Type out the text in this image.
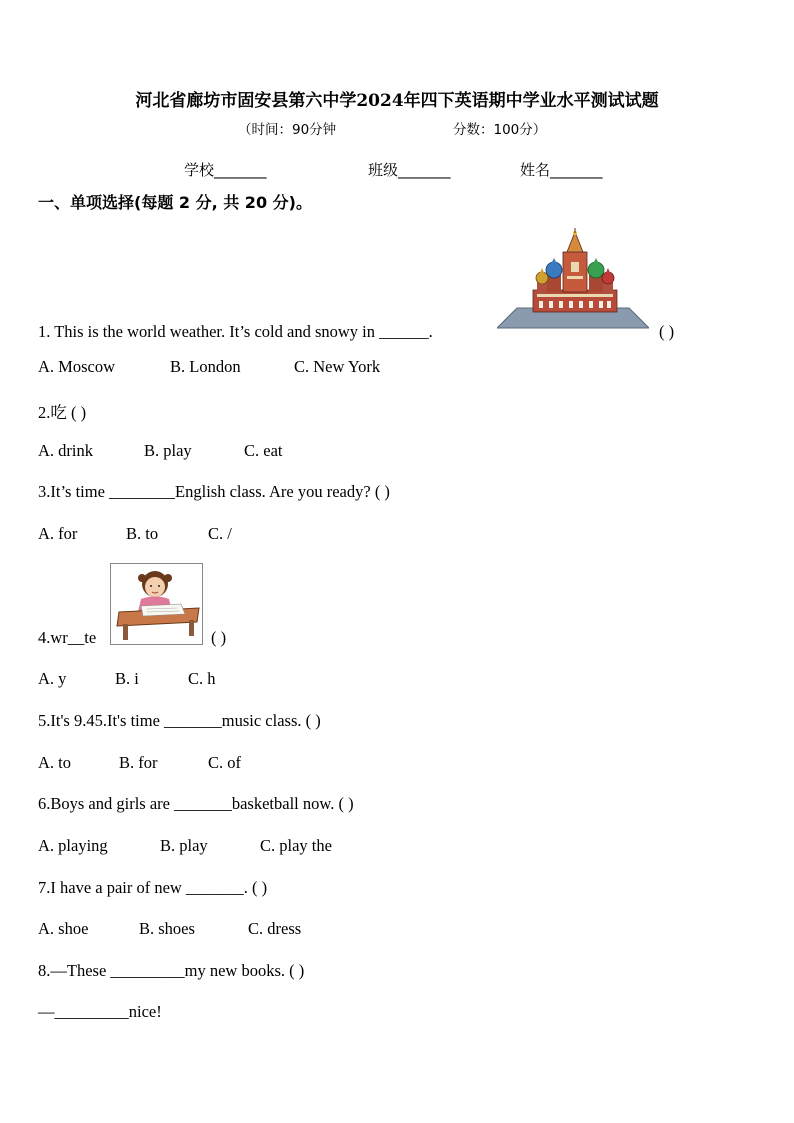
河北省廊坊市固安县第六中学2024年四下英语期中学业水平测试试题
（时间：90分钟	分数：100分）
学校_______	班级_______	姓名_______
一、单项选择(每题 2 分, 共 20 分)。
1. This is the world weather. It’s cold and snowy in ______.	( )
A. Moscow	B. London	C. New York
2.吃 ( )
A. drink	B. play	C. eat
3.It’s time ________English class. Are you ready? ( )
A. for	B. to	C. /
4.wr__te	( )
A. y	B. i	C. h
5.It's 9.45.It's time _______music class. ( )
A. to	B. for	C. of
6.Boys and girls are _______basketball now. ( )
A. playing	B. play	C. play the
7.I have a pair of new _______. ( )
A. shoe	B. shoes	C. dress
8.—These _________my new books. ( )
—_________nice!
